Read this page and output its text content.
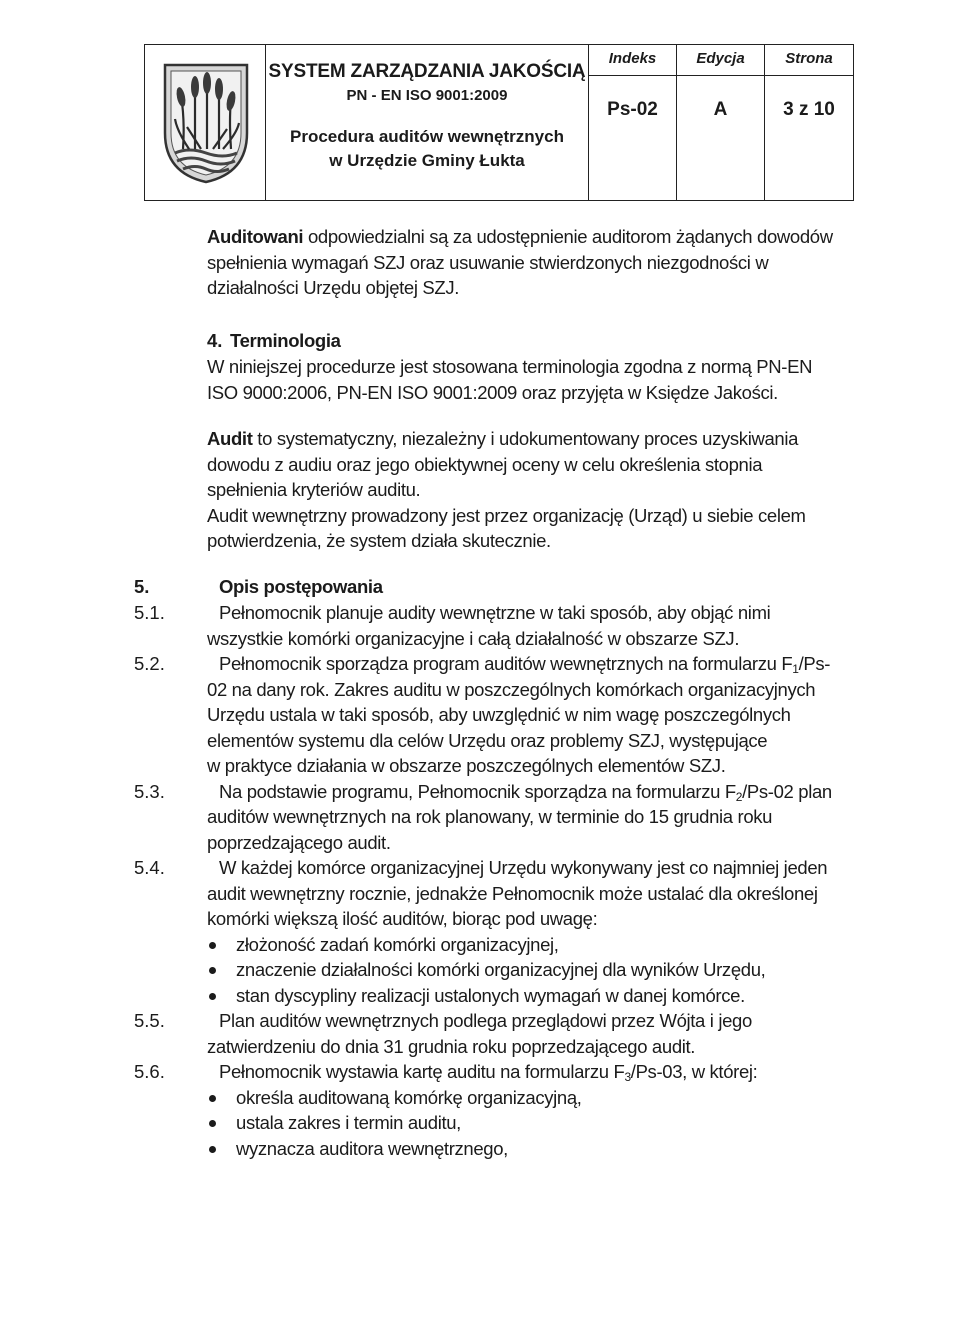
SYSTEM ZARZĄDZANIA JAKOŚCIĄ
PN - EN ISO 9001:2009
Procedura auditów wewnętrznych
w Urzędzie Gminy Łukta
Indeks	Edycja	Strona
Ps-02	A	3 z 10
Auditowani odpowiedzialni są za udostępnienie auditorom żądanych dowodów
spełnienia wymagań SZJ oraz usuwanie stwierdzonych niezgodności w
działalności Urzędu objętej SZJ.
4. Terminologia
W niniejszej procedurze jest stosowana terminologia zgodna z normą PN-EN
ISO 9000:2006, PN-EN ISO 9001:2009 oraz przyjęta w Księdze Jakości.
Audit to systematyczny, niezależny i udokumentowany proces uzyskiwania
dowodu z audiu oraz jego obiektywnej oceny w celu określenia stopnia
spełnienia kryteriów auditu.
Audit wewnętrzny prowadzony jest przez organizację (Urząd) u siebie celem
potwierdzenia, że system działa skutecznie.
5.	Opis postępowania
5.1.	Pełnomocnik planuje audity wewnętrzne w taki sposób, aby objąć nimi
wszystkie komórki organizacyjne i całą działalność w obszarze SZJ.
5.2.	Pełnomocnik sporządza program auditów wewnętrznych na formularzu $F_1/Ps-$
02 na dany rok. Zakres auditu w poszczególnych komórkach organizacyjnych
Urzędu ustala w taki sposób, aby uwzględnić w nim wagę poszczególnych
elementów systemu dla celów Urzędu oraz problemy SZJ, występujące
w praktyce działania w obszarze poszczególnych elementów SZJ.
5.3.	Na podstawie programu, Pełnomocnik sporządza na formularzu $F_2/Ps-02$ plan
auditów wewnętrznych na rok planowany, w terminie do 15 grudnia roku
poprzedzającego audit.
5.4.	W każdej komórce organizacyjnej Urzędu wykonywany jest co najmniej jeden
audit wewnętrzny rocznie, jednakże Pełnomocnik może ustalać dla określonej
komórki większą ilość auditów, biorąc pod uwagę:
złożoność zadań komórki organizacyjnej,
znaczenie działalności komórki organizacyjnej dla wyników Urzędu,
stan dyscypliny realizacji ustalonych wymagań w danej komórce.
5.5.	Plan auditów wewnętrznych podlega przeglądowi przez Wójta i jego
zatwierdzeniu do dnia 31 grudnia roku poprzedzającego audit.
5.6.	Pełnomocnik wystawia kartę auditu na formularzu $F_3/Ps-03$, w której:
określa auditowaną komórkę organizacyjną,
ustala zakres i termin auditu,
wyznacza auditora wewnętrznego,
